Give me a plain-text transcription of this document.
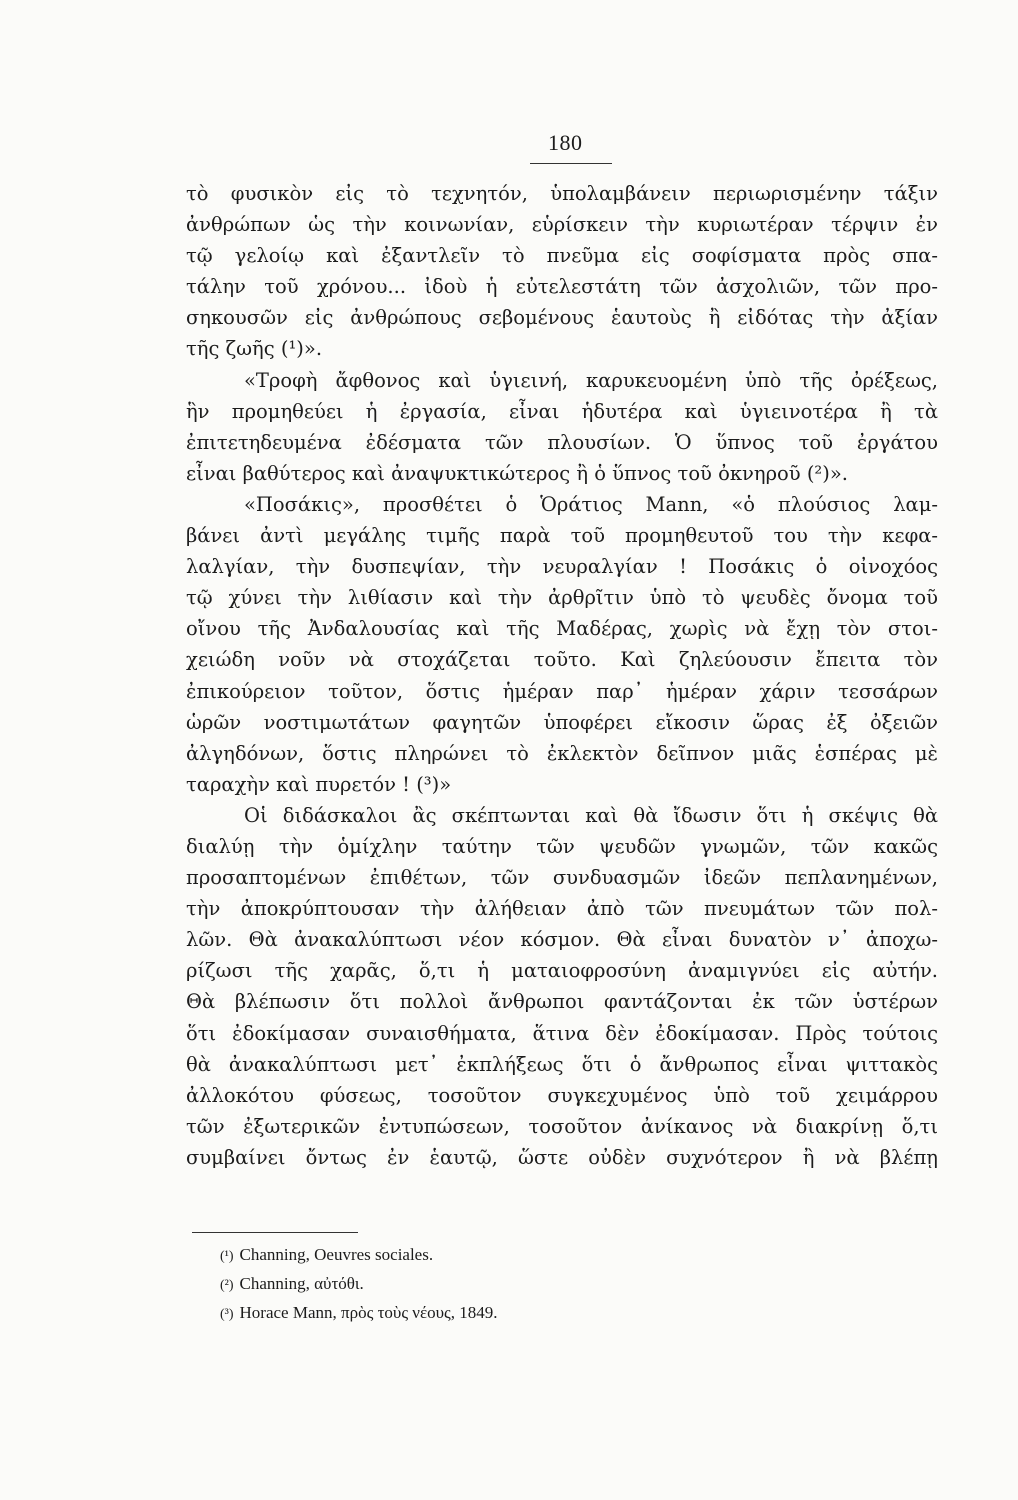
180
τὸ φυσικὸν εἰς τὸ τεχνητόν, ὑπολαμβάνειν περιωρισμένην τάξιν
ἀνθρώπων ὡς τὴν κοινωνίαν, εὑρίσκειν τὴν κυριωτέραν τέρψιν ἐν
τῷ γελοίῳ καὶ ἐξαντλεῖν τὸ πνεῦμα εἰς σοφίσματα πρὸς σπα-
τάλην τοῦ χρόνου... ἰδοὺ ἡ εὐτελεστάτη τῶν ἀσχολιῶν, τῶν προ-
σηκουσῶν εἰς ἀνθρώπους σεβομένους ἑαυτοὺς ἢ εἰδότας τὴν ἀξίαν
τῆς ζωῆς (¹)».
«Τροφὴ ἄφθονος καὶ ὑγιεινή, καρυκευομένη ὑπὸ τῆς ὀρέξεως,
ἣν προμηθεύει ἡ ἐργασία, εἶναι ἡδυτέρα καὶ ὑγιεινοτέρα ἢ τὰ
ἐπιτετηδευμένα ἐδέσματα τῶν πλουσίων. Ὁ ὕπνος τοῦ ἐργάτου
εἶναι βαθύτερος καὶ ἀναψυκτικώτερος ἢ ὁ ὕπνος τοῦ ὀκνηροῦ (²)».
«Ποσάκις», προσθέτει ὁ Ὁράτιος Mann, «ὁ πλούσιος λαμ-
βάνει ἀντὶ μεγάλης τιμῆς παρὰ τοῦ προμηθευτοῦ του τὴν κεφα-
λαλγίαν, τὴν δυσπεψίαν, τὴν νευραλγίαν ! Ποσάκις ὁ οἰνοχόος
τῷ χύνει τὴν λιθίασιν καὶ τὴν ἀρθρῖτιν ὑπὸ τὸ ψευδὲς ὄνομα τοῦ
οἴνου τῆς Ἀνδαλουσίας καὶ τῆς Μαδέρας, χωρὶς νὰ ἔχῃ τὸν στοι-
χειώδη νοῦν νὰ στοχάζεται τοῦτο. Καὶ ζηλεύουσιν ἔπειτα τὸν
ἐπικούρειον τοῦτον, ὅστις ἡμέραν παρ᾽ ἡμέραν χάριν τεσσάρων
ὡρῶν νοστιμωτάτων φαγητῶν ὑποφέρει εἴκοσιν ὥρας ἐξ ὀξειῶν
ἀλγηδόνων, ὅστις πληρώνει τὸ ἐκλεκτὸν δεῖπνον μιᾶς ἑσπέρας μὲ
ταραχὴν καὶ πυρετόν ! (³)»
Οἱ διδάσκαλοι ἂς σκέπτωνται καὶ θὰ ἴδωσιν ὅτι ἡ σκέψις θὰ
διαλύῃ τὴν ὁμίχλην ταύτην τῶν ψευδῶν γνωμῶν, τῶν κακῶς
προσαπτομένων ἐπιθέτων, τῶν συνδυασμῶν ἰδεῶν πεπλανημένων,
τὴν ἀποκρύπτουσαν τὴν ἀλήθειαν ἀπὸ τῶν πνευμάτων τῶν πολ-
λῶν. Θὰ ἀνακαλύπτωσι νέον κόσμον. Θὰ εἶναι δυνατὸν ν᾽ ἀποχω-
ρίζωσι τῆς χαρᾶς, ὅ,τι ἡ ματαιοφροσύνη ἀναμιγνύει εἰς αὐτήν.
Θὰ βλέπωσιν ὅτι πολλοὶ ἄνθρωποι φαντάζονται ἐκ τῶν ὑστέρων
ὅτι ἐδοκίμασαν συναισθήματα, ἅτινα δὲν ἐδοκίμασαν. Πρὸς τούτοις
θὰ ἀνακαλύπτωσι μετ᾽ ἐκπλήξεως ὅτι ὁ ἄνθρωπος εἶναι ψιττακὸς
ἀλλοκότου φύσεως, τοσοῦτον συγκεχυμένος ὑπὸ τοῦ χειμάρρου
τῶν ἐξωτερικῶν ἐντυπώσεων, τοσοῦτον ἀνίκανος νὰ διακρίνῃ ὅ,τι
συμβαίνει ὄντως ἐν ἑαυτῷ, ὥστε οὐδὲν συχνότερον ἢ νὰ βλέπῃ
(¹) Channing, Oeuvres sociales.
(²) Channing, αὐτόθι.
(³) Horace Mann, πρὸς τοὺς νέους, 1849.
